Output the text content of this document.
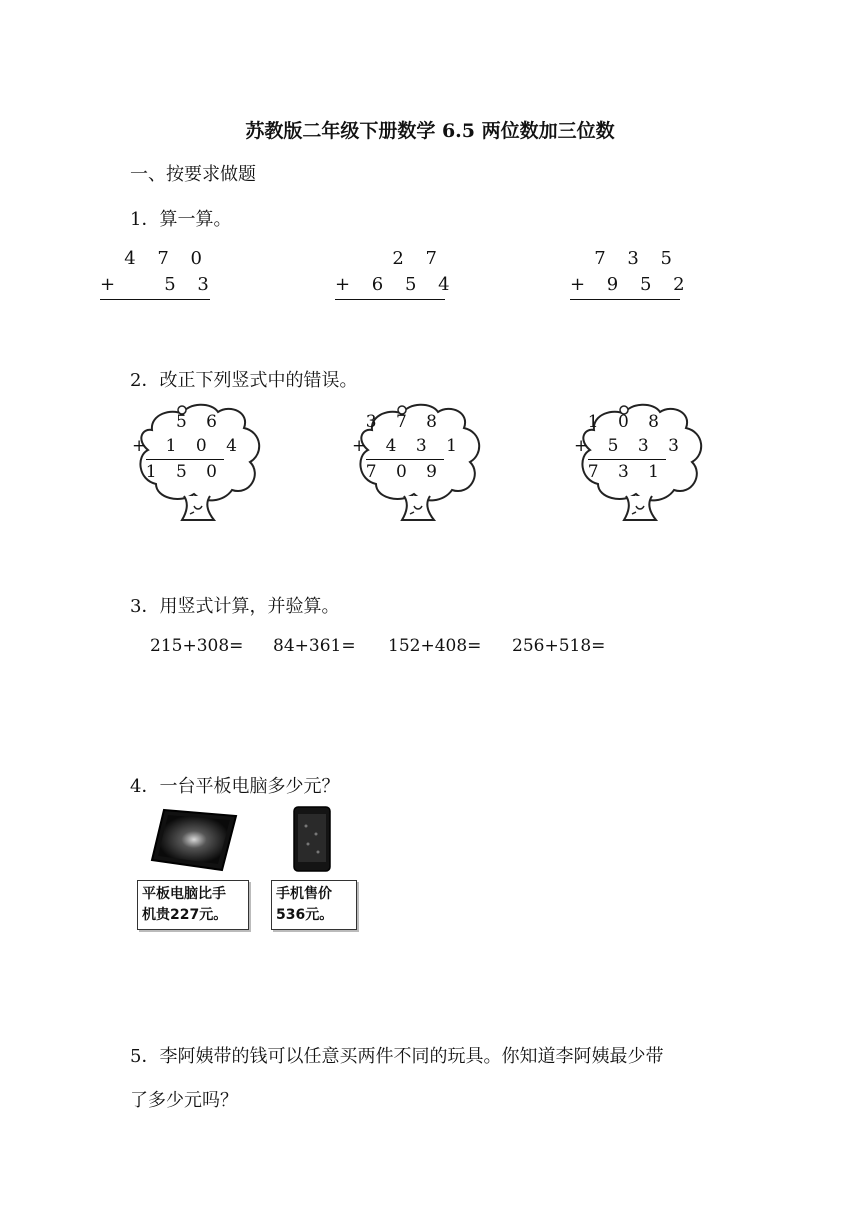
苏教版二年级下册数学 6.5 两位数加三位数
一、按要求做题
1．算一算。
4 7 0
+   5 3
2 7
+ 6 5 4
7 3 5
+ 9 5 2
2．改正下列竖式中的错误。
5 6
+ 1 0 4
1 5 0
3 7 8
+ 4 3 1
7 0 9
1 0 8
+ 5 3 3
7 3 1
3．用竖式计算，并验算。
215+308= 84+361= 152+408= 256+518=
4．一台平板电脑多少元？
平板电脑比手
机贵227元。
手机售价
536元。
5．李阿姨带的钱可以任意买两件不同的玩具。你知道李阿姨最少带
了多少元吗？
